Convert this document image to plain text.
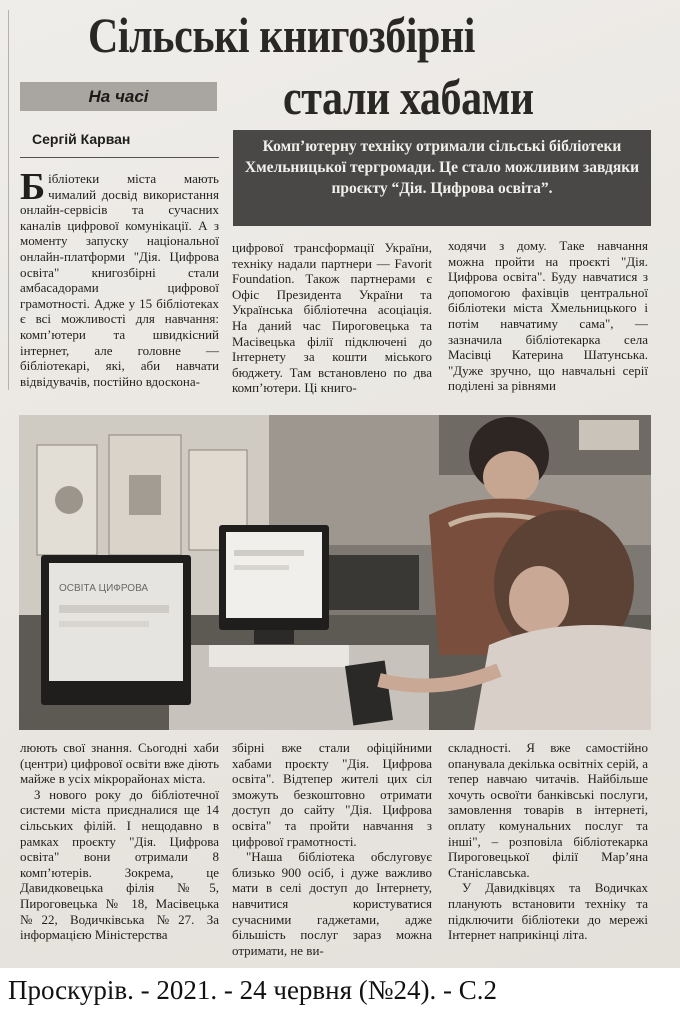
Сільські книгозбірні
стали хабами
На часі
Сергій Карван	Комп’ютерну техніку отримали сільські бібліотеки Хмельницької тергромади. Це стало можливим завдяки проєкту “Дія. Цифрова освіта”.

Бібліотеки міста мають чималий досвід використання онлайн-сервісів та сучасних каналів цифрової комунікації. А з моменту запуску національної онлайн-платформи "Дія. Цифрова освіта" книгозбірні стали амбасадорами цифрової грамотності. Адже у 15 бібліотеках є всі можливості для навчання: комп’ютери та швидкісний інтернет, але головне — бібліотекарі, які, аби навчати відвідувачів, постійно вдоскона-

цифрової трансформації України, техніку надали партнери — Favorit Foundation. Також партнерами є Офіс Президента України та Українська бібліотечна асоціація. На даний час Пироговецька та Масівецька філії підключені до Інтернету за кошти міського бюджету. Там встановлено по два комп’ютери. Ці книго-

ходячи з дому. Таке навчання можна пройти на проєкті "Дія. Цифрова освіта". Буду навчатися з допомогою фахівців центральної бібліотеки міста Хмельницького і потім навчатиму сама", — зазначила бібліотекарка села Масівці Катерина Шатунська. "Дуже зручно, що навчальні серії поділені за рівнями

ОСВІТА ЦИФРОВА

люють свої знання. Сьогодні хаби (центри) цифрової освіти вже діють майже в усіх мікрорайонах міста.

З нового року до бібліотечної системи міста приєдналися ще 14 сільських філій. І нещодавно в рамках проєкту "Дія. Цифрова освіта" вони отримали 8 комп’ютерів. Зокрема, це Давидковецька філія №5, Пироговецька № 18, Масівецька №22, Водичківська №27. За інформацією Міністерства

збірні вже стали офіційними хабами проєкту "Дія. Цифрова освіта". Відтепер жителі цих сіл зможуть безкоштовно отримати доступ до сайту "Дія. Цифрова освіта" та пройти навчання з цифрової грамотності.

"Наша бібліотека обслуговує близько 900 осіб, і дуже важливо мати в селі доступ до Інтернету, навчитися користуватися сучасними гаджетами, адже більшість послуг зараз можна отримати, не ви-

складності. Я вже самостійно опанувала декілька освітніх серій, а тепер навчаю читачів. Найбільше хочуть освоїти банківські послуги, замовлення товарів в інтернеті, оплату комунальних послуг та інші", – розповіла бібліотекарка Пироговецької філії Мар’яна Станіславська.

У Давидківцях та Водичках планують встановити техніку та підключити бібліотеки до мережі Інтернет наприкінці літа.

Проскурів. - 2021. - 24 червня (№24). - С.2
